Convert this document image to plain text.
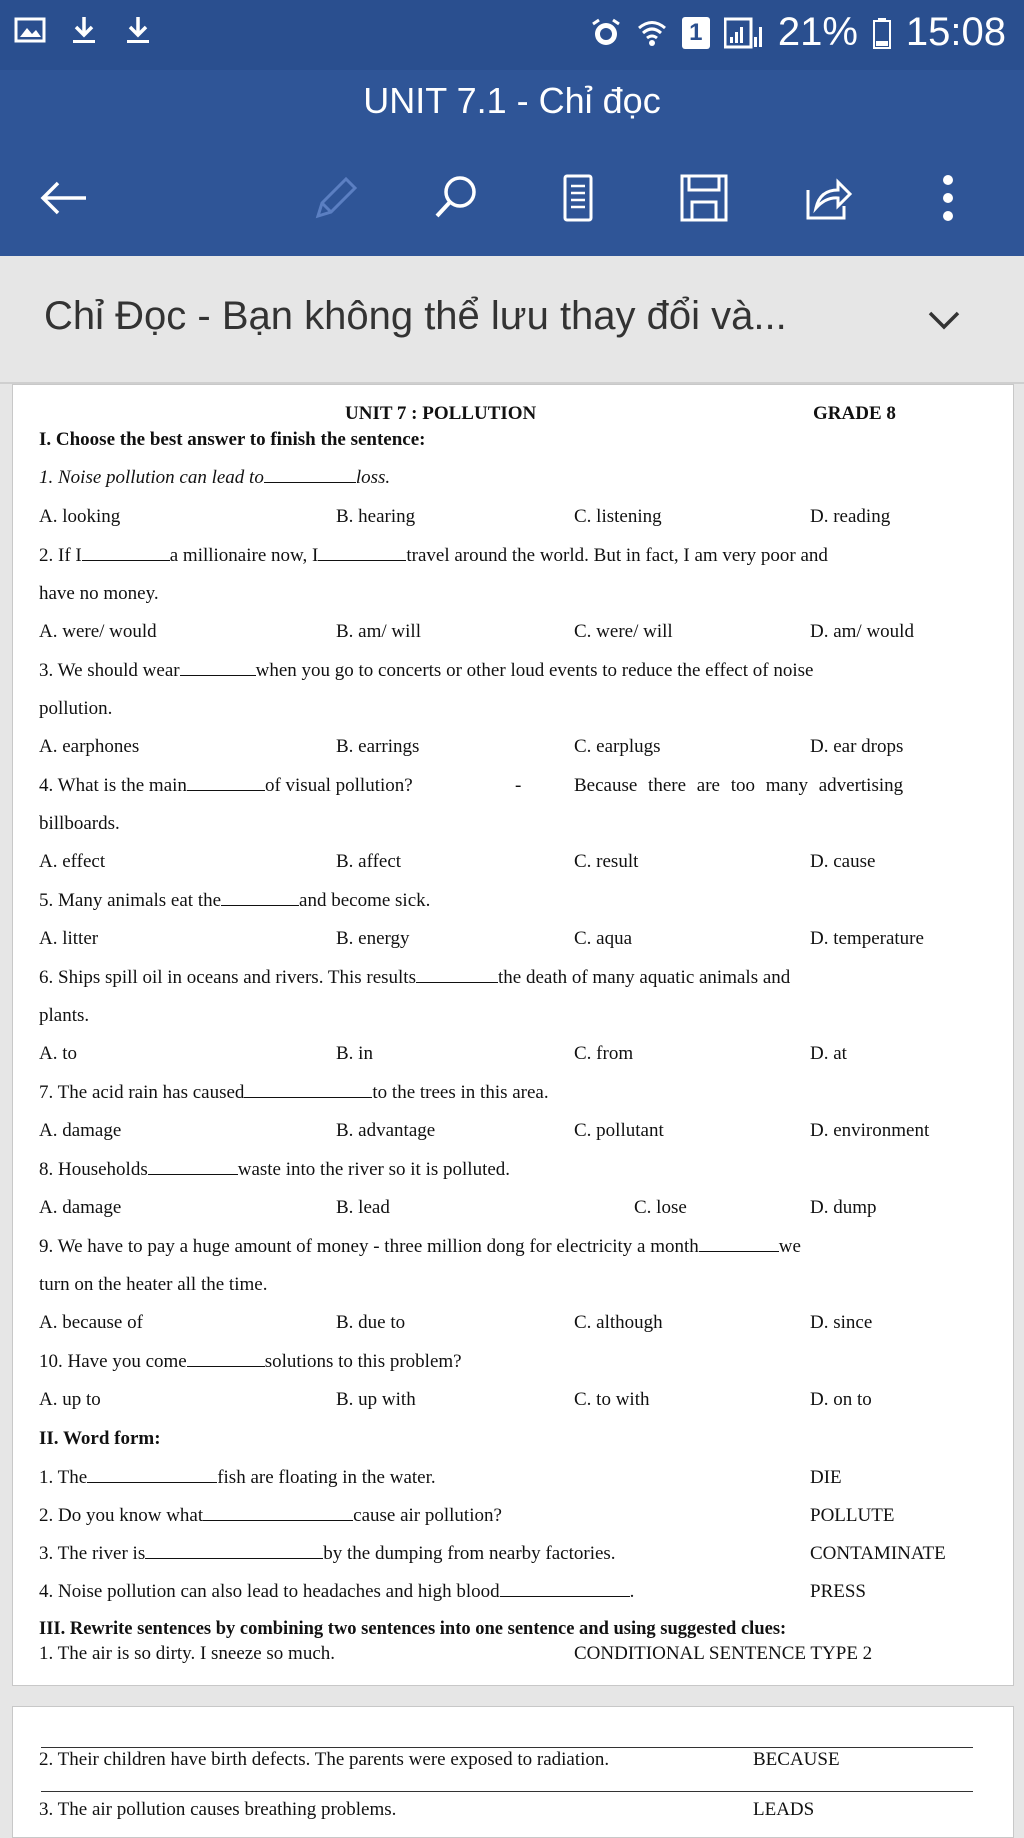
1 21% 15:08
UNIT 7.1 - Chỉ đọc
Chỉ Đọc - Bạn không thể lưu thay đổi và...
UNIT 7 : POLLUTION	GRADE 8
I. Choose the best answer to finish the sentence:
1. Noise pollution can lead to	loss.
A. looking	B. hearing	C. listening	D. reading
2. If I	a millionaire now, I	travel around the world. But in fact, I am very poor and
have no money.
A. were/ would	B. am/ will	C. were/ will	D. am/ would
3. We should wear	when you go to concerts or other loud events to reduce the effect of noise
pollution.
A. earphones	B. earrings	C. earplugs	D. ear drops
4. What is the main	of visual pollution?	-	Because there are too many advertising
billboards.
A. effect	B. affect	C. result	D. cause
5. Many animals eat the	and become sick.
A. litter	B. energy	C. aqua	D. temperature
6. Ships spill oil in oceans and rivers. This results	the death of many aquatic animals and
plants.
A. to	B. in	C. from	D. at
7. The acid rain has caused	to the trees in this area.
A. damage	B. advantage	C. pollutant	D. environment
8. Households	waste into the river so it is polluted.
A. damage	B. lead	C. lose	D. dump
9. We have to pay a huge amount of money - three million dong for electricity a month	we
turn on the heater all the time.
A. because of	B. due to	C. although	D. since
10. Have you come	solutions to this problem?
A. up to	B. up with	C. to with	D. on to
II. Word form:
1. The	fish are floating in the water.	DIE
2. Do you know what	cause air pollution?	POLLUTE
3. The river is	by the dumping from nearby factories.	CONTAMINATE
4. Noise pollution can also lead to headaches and high blood	.	PRESS
III. Rewrite sentences by combining two sentences into one sentence and using suggested clues:
1. The air is so dirty. I sneeze so much.	CONDITIONAL SENTENCE TYPE 2
2. Their children have birth defects. The parents were exposed to radiation.	BECAUSE
3. The air pollution causes breathing problems.	LEADS
